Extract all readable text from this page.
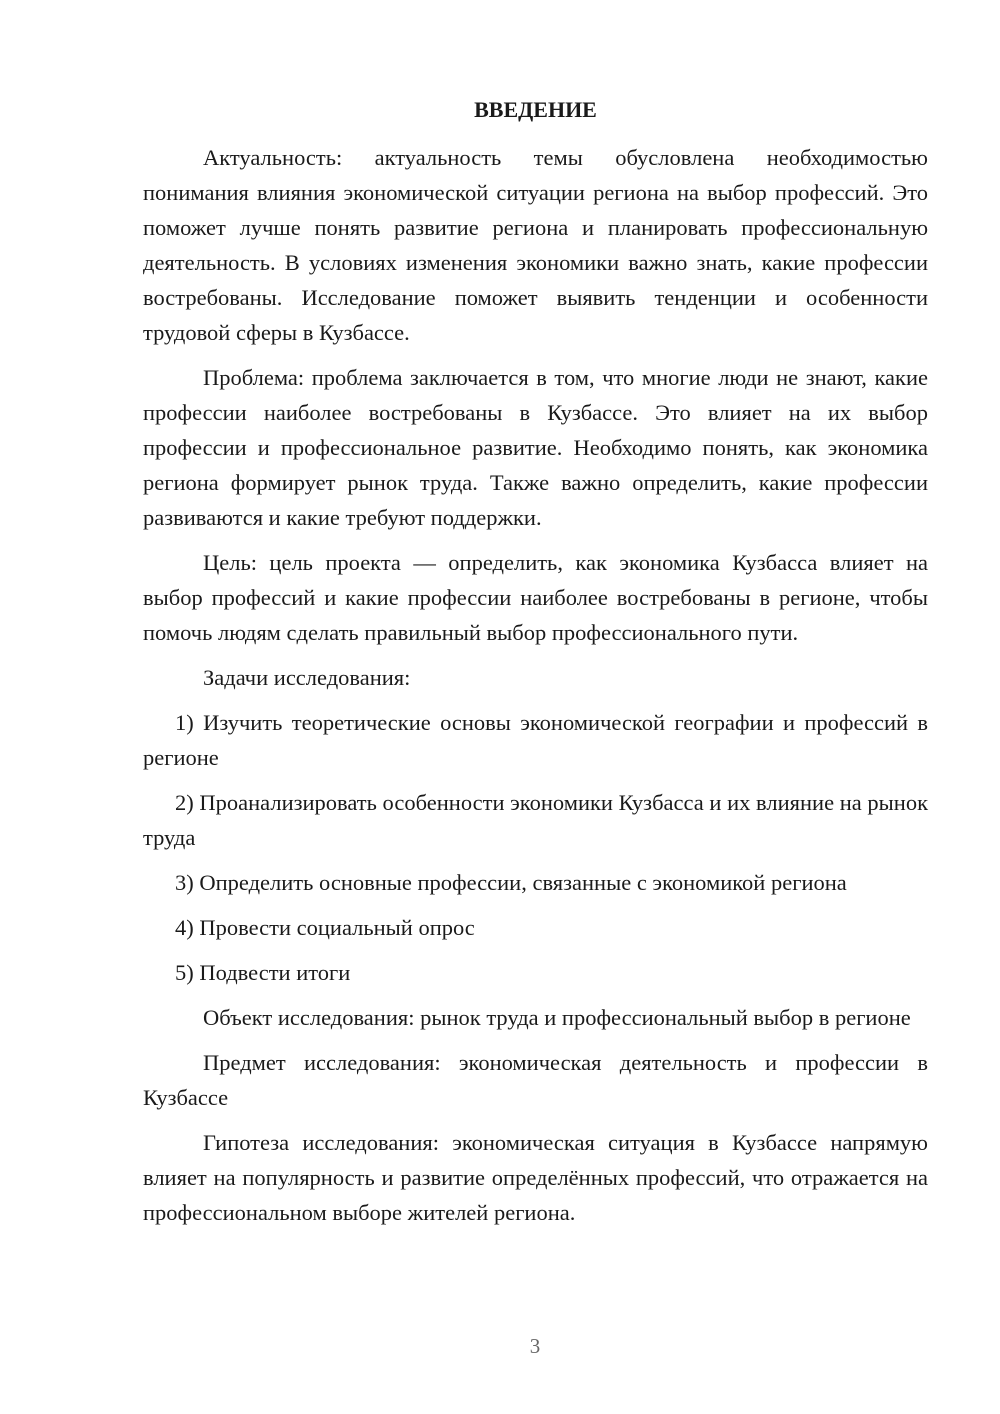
ВВЕДЕНИЕ

Актуальность: актуальность темы обусловлена необходимостью понимания влияния экономической ситуации региона на выбор профессий. Это поможет лучше понять развитие региона и планировать профессиональную деятельность. В условиях изменения экономики важно знать, какие профессии востребованы. Исследование поможет выявить тенденции и особенности трудовой сферы в Кузбассе.

Проблема: проблема заключается в том, что многие люди не знают, какие профессии наиболее востребованы в Кузбассе. Это влияет на их выбор профессии и профессиональное развитие. Необходимо понять, как экономика региона формирует рынок труда. Также важно определить, какие профессии развиваются и какие требуют поддержки.

Цель: цель проекта — определить, как экономика Кузбасса влияет на выбор профессий и какие профессии наиболее востребованы в регионе, чтобы помочь людям сделать правильный выбор профессионального пути.

Задачи исследования:

1) Изучить теоретические основы экономической географии и профессий в регионе

2) Проанализировать особенности экономики Кузбасса и их влияние на рынок труда

3) Определить основные профессии, связанные с экономикой региона

4) Провести социальный опрос

5) Подвести итоги

Объект исследования: рынок труда и профессиональный выбор в регионе

Предмет исследования: экономическая деятельность и профессии в Кузбассе

Гипотеза исследования: экономическая ситуация в Кузбассе напрямую влияет на популярность и развитие определённых профессий, что отражается на профессиональном выборе жителей региона.

3
